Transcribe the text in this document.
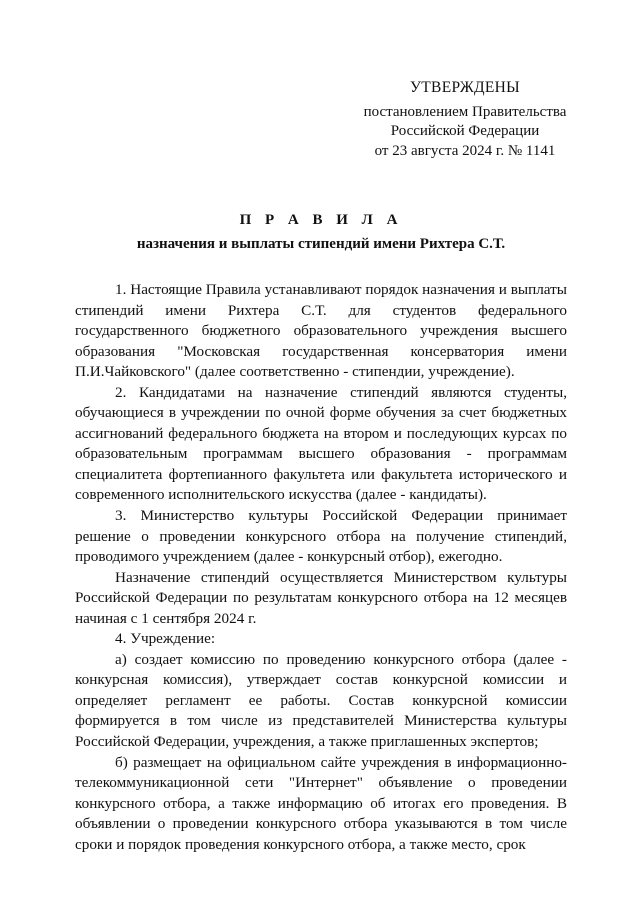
УТВЕРЖДЕНЫ
постановлением Правительства
Российской Федерации
от 23 августа 2024 г. № 1141
П Р А В И Л А
назначения и выплаты стипендий имени Рихтера С.Т.

1. Настоящие Правила устанавливают порядок назначения и выплаты стипендий имени Рихтера С.Т. для студентов федерального государственного бюджетного образовательного учреждения высшего образования "Московская государственная консерватория имени П.И.Чайковского" (далее соответственно - стипендии, учреждение).

2. Кандидатами на назначение стипендий являются студенты, обучающиеся в учреждении по очной форме обучения за счет бюджетных ассигнований федерального бюджета на втором и последующих курсах по образовательным программам высшего образования - программам специалитета фортепианного факультета или факультета исторического и современного исполнительского искусства (далее - кандидаты).

3. Министерство культуры Российской Федерации принимает решение о проведении конкурсного отбора на получение стипендий, проводимого учреждением (далее - конкурсный отбор), ежегодно.

Назначение стипендий осуществляется Министерством культуры Российской Федерации по результатам конкурсного отбора на 12 месяцев начиная с 1 сентября 2024 г.

4. Учреждение:

а) создает комиссию по проведению конкурсного отбора (далее - конкурсная комиссия), утверждает состав конкурсной комиссии и определяет регламент ее работы. Состав конкурсной комиссии формируется в том числе из представителей Министерства культуры Российской Федерации, учреждения, а также приглашенных экспертов;

б) размещает на официальном сайте учреждения в информационно-телекоммуникационной сети "Интернет" объявление о проведении конкурсного отбора, а также информацию об итогах его проведения. В объявлении о проведении конкурсного отбора указываются в том числе сроки и порядок проведения конкурсного отбора, а также место, срок
